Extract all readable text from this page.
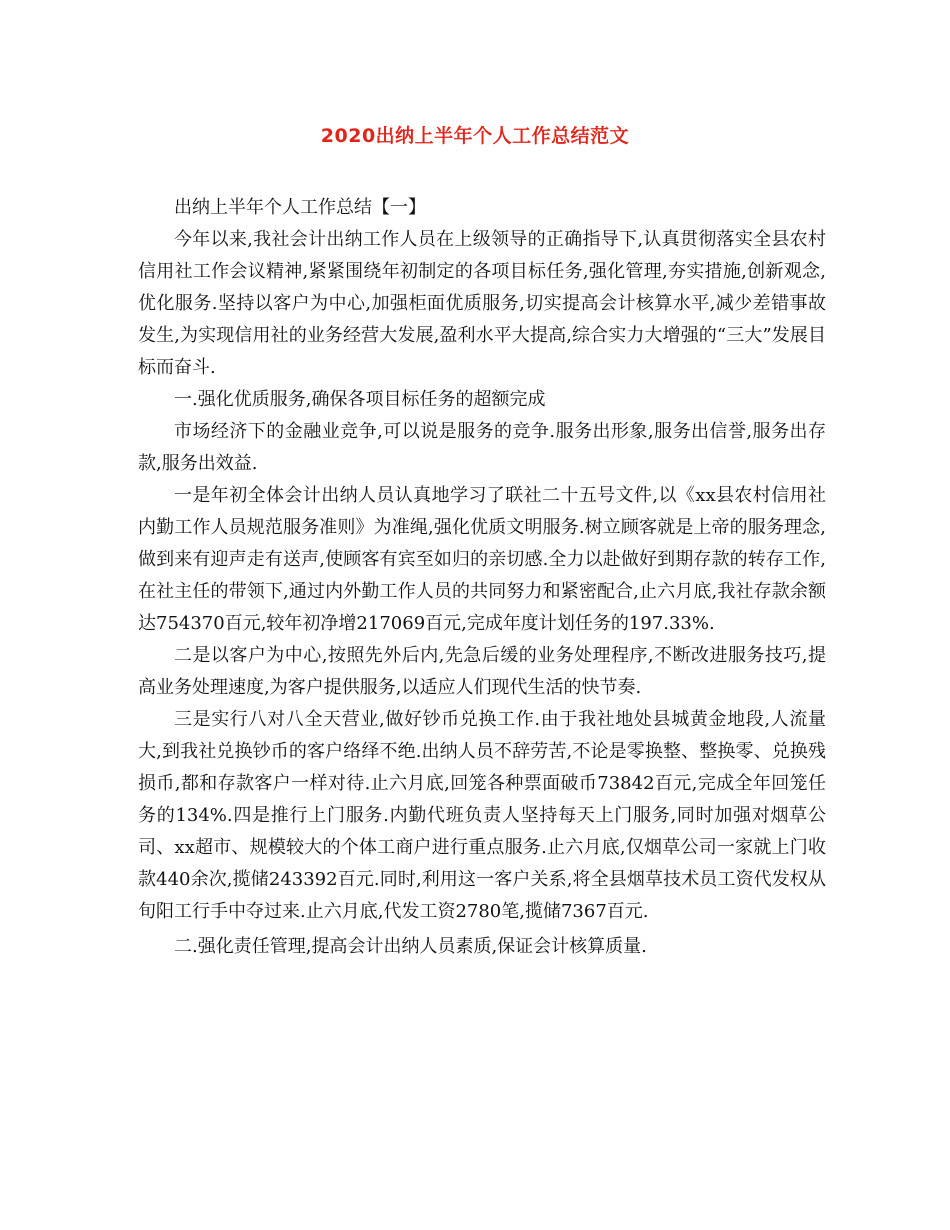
2020出纳上半年个人工作总结范文

出纳上半年个人工作总结【一】

今年以来,我社会计出纳工作人员在上级领导的正确指导下,认真贯彻落实全县农村信用社工作会议精神,紧紧围绕年初制定的各项目标任务,强化管理,夯实措施,创新观念,优化服务.坚持以客户为中心,加强柜面优质服务,切实提高会计核算水平,减少差错事故发生,为实现信用社的业务经营大发展,盈利水平大提高,综合实力大增强的“三大”发展目标而奋斗.

一.强化优质服务,确保各项目标任务的超额完成

市场经济下的金融业竞争,可以说是服务的竞争.服务出形象,服务出信誉,服务出存款,服务出效益.

一是年初全体会计出纳人员认真地学习了联社二十五号文件,以《xx县农村信用社内勤工作人员规范服务准则》为准绳,强化优质文明服务.树立顾客就是上帝的服务理念,做到来有迎声走有送声,使顾客有宾至如归的亲切感.全力以赴做好到期存款的转存工作,在社主任的带领下,通过内外勤工作人员的共同努力和紧密配合,止六月底,我社存款余额达754370百元,较年初净增217069百元,完成年度计划任务的197.33%.

二是以客户为中心,按照先外后内,先急后缓的业务处理程序,不断改进服务技巧,提高业务处理速度,为客户提供服务,以适应人们现代生活的快节奏.

三是实行八对八全天营业,做好钞币兑换工作.由于我社地处县城黄金地段,人流量大,到我社兑换钞币的客户络绎不绝.出纳人员不辞劳苦,不论是零换整、整换零、兑换残损币,都和存款客户一样对待.止六月底,回笼各种票面破币73842百元,完成全年回笼任务的134%.四是推行上门服务.内勤代班负责人坚持每天上门服务,同时加强对烟草公司、xx超市、规模较大的个体工商户进行重点服务.止六月底,仅烟草公司一家就上门收款440余次,揽储243392百元.同时,利用这一客户关系,将全县烟草技术员工资代发权从旬阳工行手中夺过来.止六月底,代发工资2780笔,揽储7367百元.

二.强化责任管理,提高会计出纳人员素质,保证会计核算质量.
